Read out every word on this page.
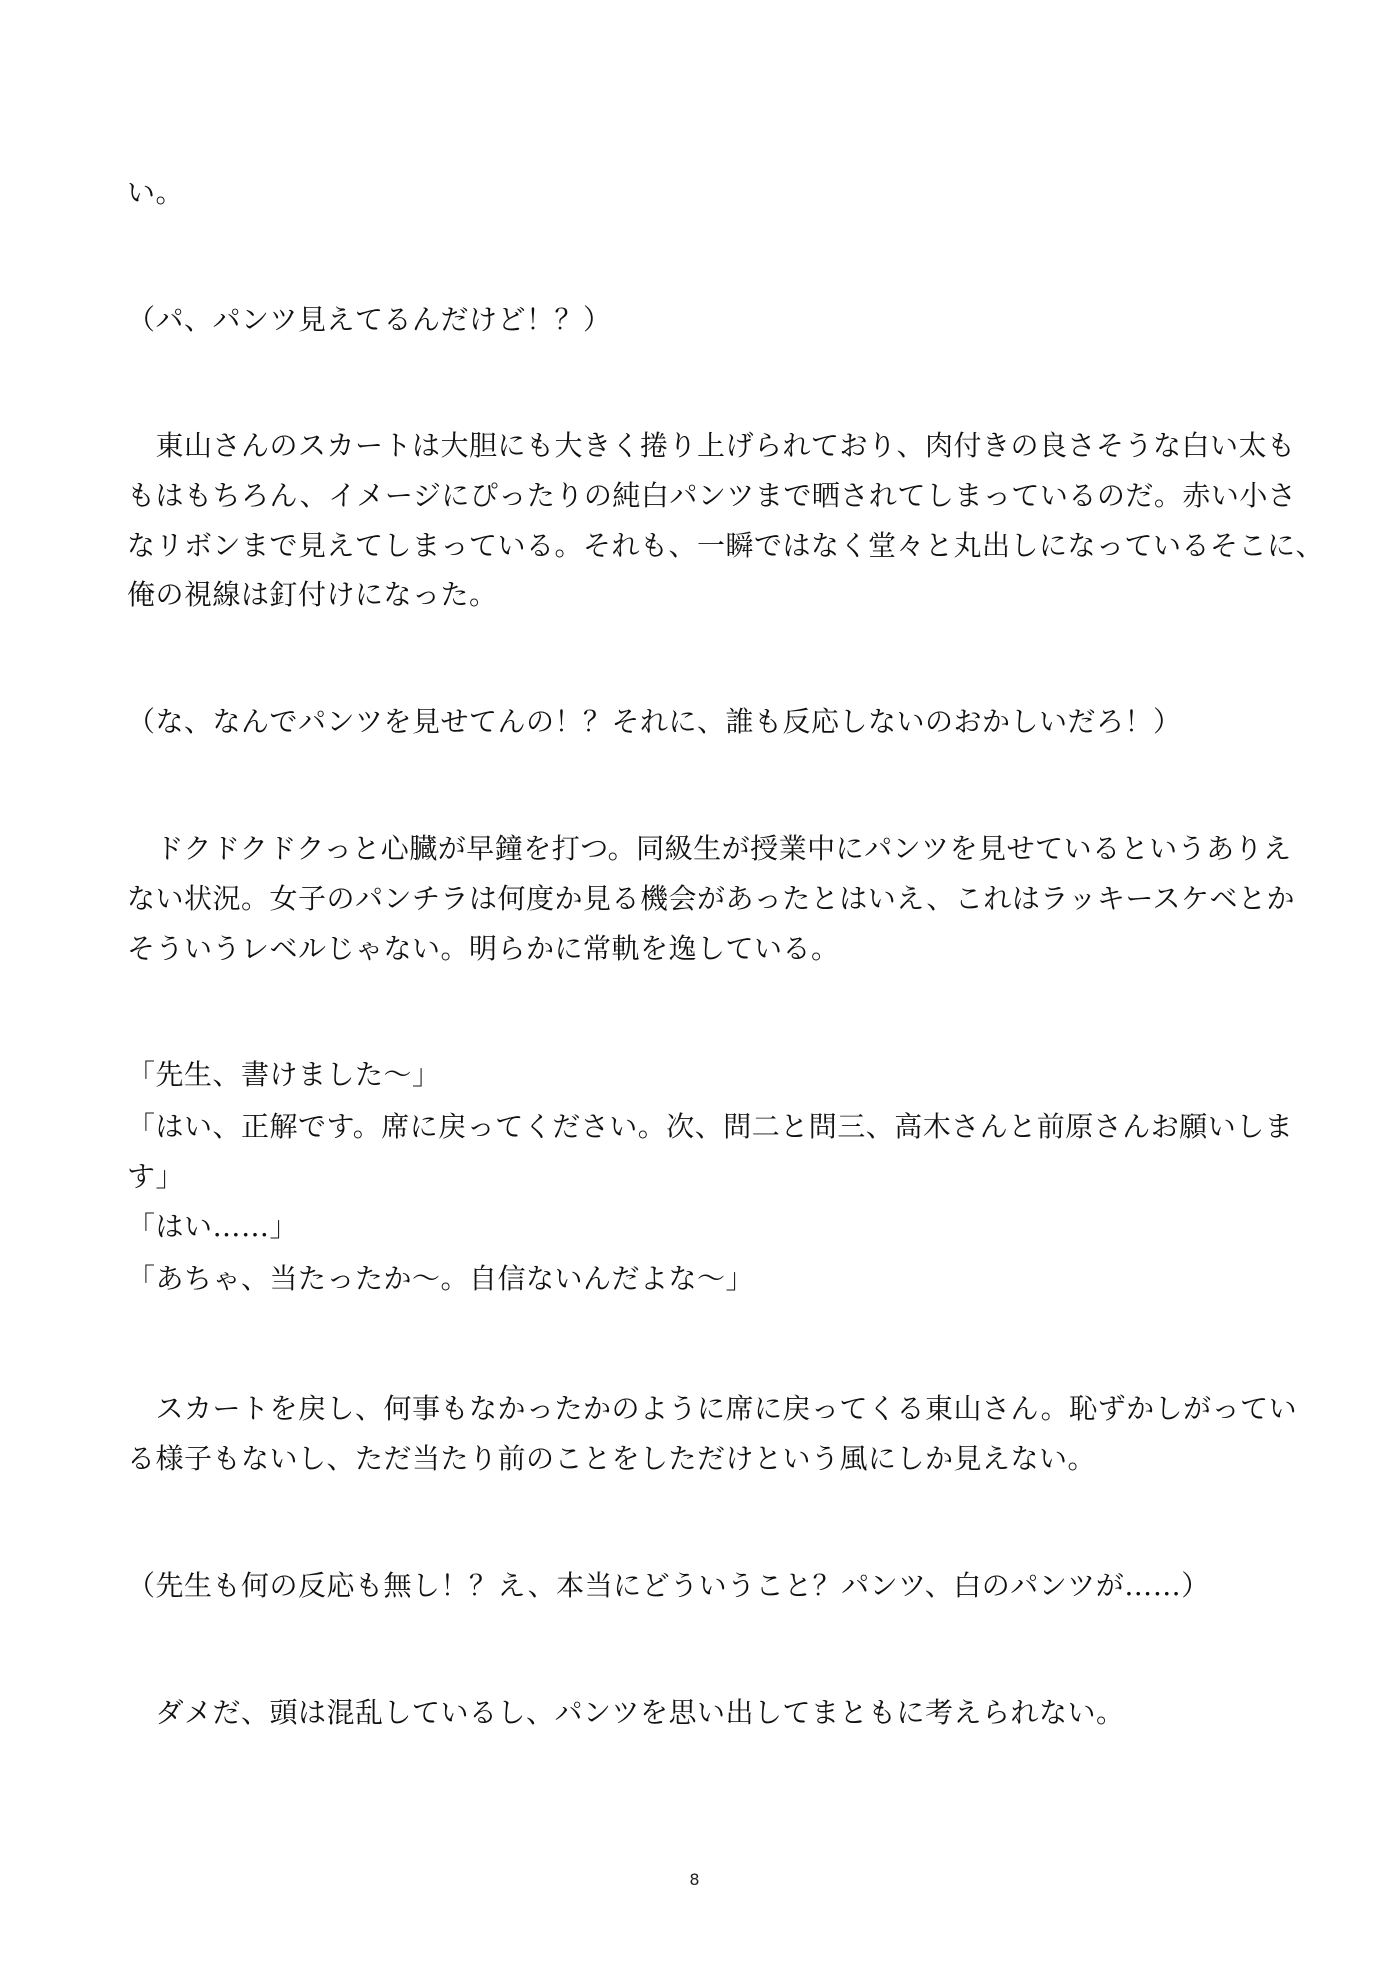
い。
（パ、パンツ見えてるんだけど！？）
　東山さんのスカートは大胆にも大きく捲り上げられており、肉付きの良さそうな白い太も
もはもちろん、イメージにぴったりの純白パンツまで晒されてしまっているのだ。赤い小さ
なリボンまで見えてしまっている。それも、一瞬ではなく堂々と丸出しになっているそこに、
俺の視線は釘付けになった。
（な、なんでパンツを見せてんの！？それに、誰も反応しないのおかしいだろ！）
　ドクドクドクっと心臓が早鐘を打つ。同級生が授業中にパンツを見せているというありえ
ない状況。女子のパンチラは何度か見る機会があったとはいえ、これはラッキースケベとか
そういうレベルじゃない。明らかに常軌を逸している。
「先生、書けました～」
「はい、正解です。席に戻ってください。次、問二と問三、高木さんと前原さんお願いしま
す」
「はい……」
「あちゃ、当たったか～。自信ないんだよな～」
　スカートを戻し、何事もなかったかのように席に戻ってくる東山さん。恥ずかしがってい
る様子もないし、ただ当たり前のことをしただけという風にしか見えない。
（先生も何の反応も無し！？え、本当にどういうこと？パンツ、白のパンツが……）
　ダメだ、頭は混乱しているし、パンツを思い出してまともに考えられない。
8
